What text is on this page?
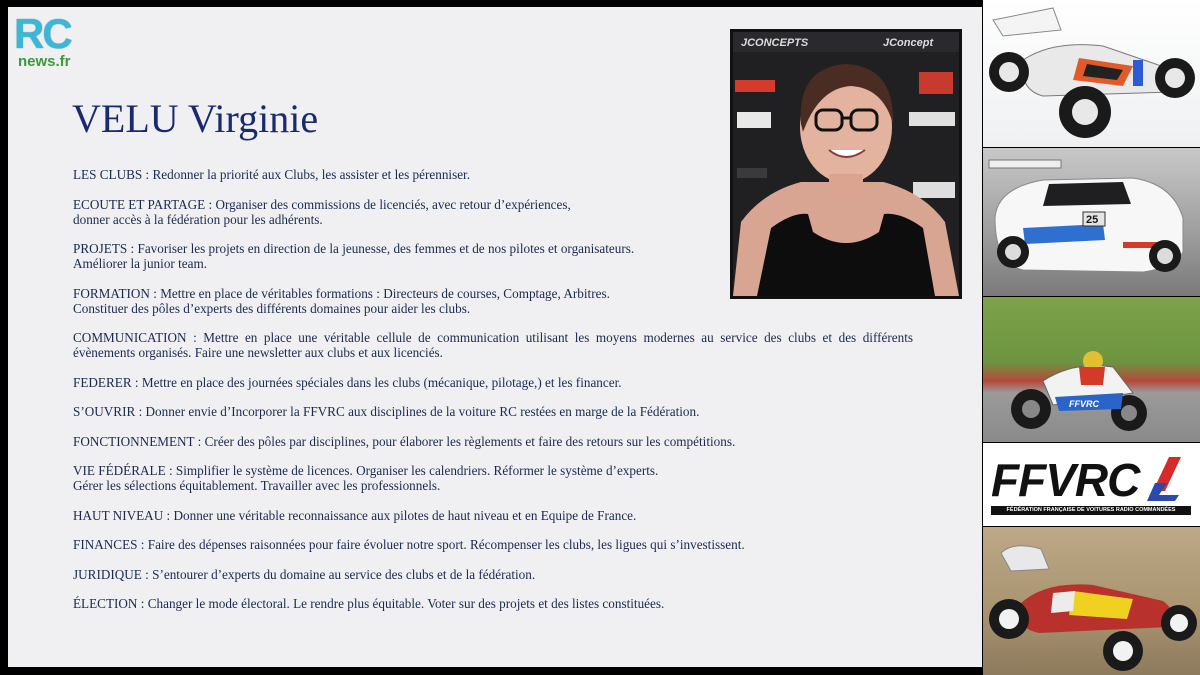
RC
news.fr
VELU Virginie

LES CLUBS : Redonner la priorité aux Clubs, les assister et les pérenniser.

ECOUTE ET PARTAGE : Organiser des commissions de licenciés, avec retour d’expériences,
donner accès à la fédération pour les adhérents.

PROJETS : Favoriser les projets en direction de la jeunesse, des femmes et de nos pilotes et organisateurs.
Améliorer la junior team.

FORMATION : Mettre en place de véritables formations : Directeurs de courses, Comptage, Arbitres.
Constituer des pôles d’experts des différents domaines pour aider les clubs.

COMMUNICATION : Mettre en place une véritable cellule de communication utilisant les moyens modernes au service des clubs et des différents évènements organisés. Faire une newsletter aux clubs et aux licenciés.

FEDERER : Mettre en place des journées spéciales dans les clubs (mécanique, pilotage,) et les financer.

S’OUVRIR : Donner envie d’Incorporer la FFVRC aux disciplines de la voiture RC restées en marge de la Fédération.

FONCTIONNEMENT : Créer des pôles par disciplines, pour élaborer les règlements et faire des retours sur les compétitions.

VIE FÉDÉRALE : Simplifier le système de licences. Organiser les calendriers. Réformer le système d’experts.
Gérer les sélections équitablement. Travailler avec les professionnels.

HAUT NIVEAU : Donner une véritable reconnaissance aux pilotes de haut niveau et en Equipe de France.

FINANCES : Faire des dépenses raisonnées pour faire évoluer notre sport. Récompenser les clubs, les ligues qui s’investissent.

JURIDIQUE : S’entourer d’experts du domaine au service des clubs et de la fédération.

ÉLECTION : Changer le mode électoral. Le rendre plus équitable. Voter sur des projets et des listes constituées.

JCONCEPTS	JConcept
25
FFVRC
FFVRC
FÉDÉRATION FRANÇAISE DE VOITURES RADIO COMMANDÉES
